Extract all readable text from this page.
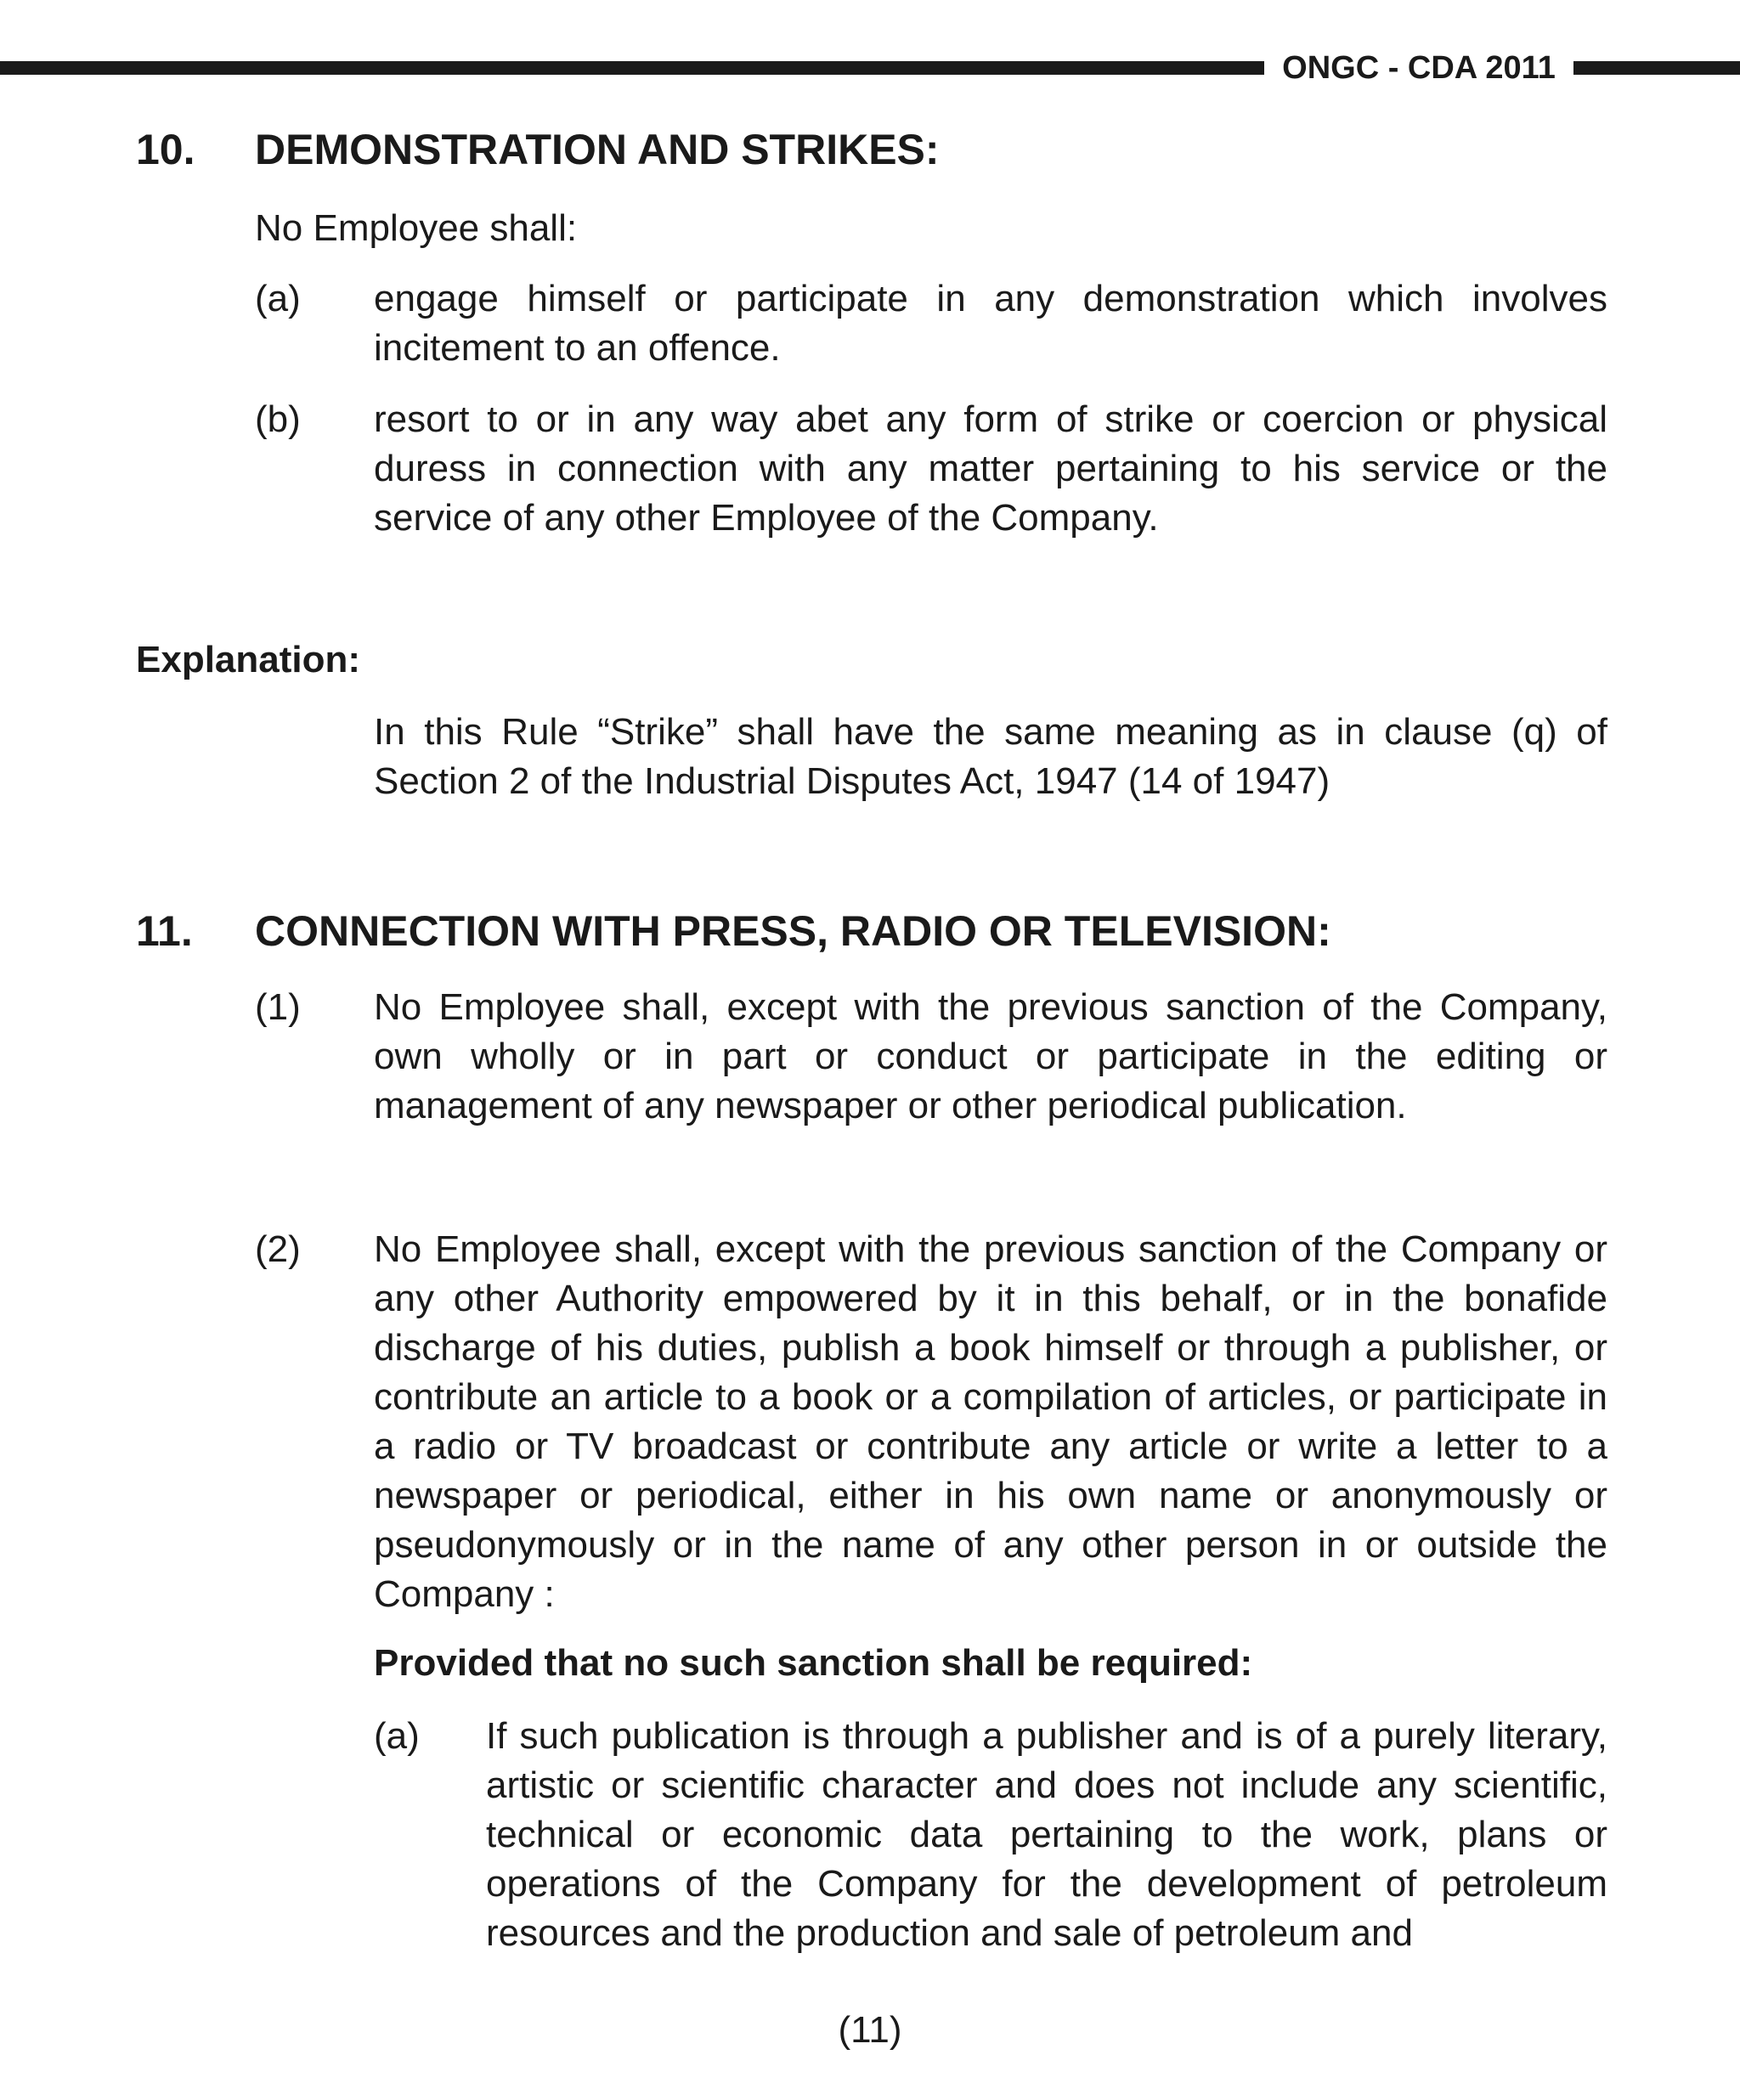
ONGC - CDA 2011
10. DEMONSTRATION AND STRIKES:
No Employee shall:
(a) engage himself or participate in any demonstration which involves incitement to an offence.
(b) resort to or in any way abet any form of strike or coercion or physical duress in connection with any matter pertaining to his service or the service of any other Employee of the Company.
Explanation:
In this Rule “Strike” shall have the same meaning as in clause (q) of Section 2 of the Industrial Disputes Act, 1947 (14 of 1947)
11. CONNECTION WITH PRESS, RADIO OR TELEVISION:
(1) No Employee shall, except with the previous sanction of the Company, own wholly or in part or conduct or participate in the editing or management of any newspaper or other periodical publication.
(2) No Employee shall, except with the previous sanction of the Company or any other Authority empowered by it in this behalf, or in the bonafide discharge of his duties, publish a book himself or through a publisher, or contribute an article to a book or a compilation of articles, or participate in a radio or TV broadcast or contribute any article or write a letter to a newspaper or periodical, either in his own name or anonymously or pseudonymously or in the name of any other person in or outside the Company :
Provided that no such sanction shall be required:
(a) If such publication is through a publisher and is of a purely literary, artistic or scientific character and does not include any scientific, technical or economic data pertaining to the work, plans or operations of the Company for the development of petroleum resources and the production and sale of petroleum and
(11)
